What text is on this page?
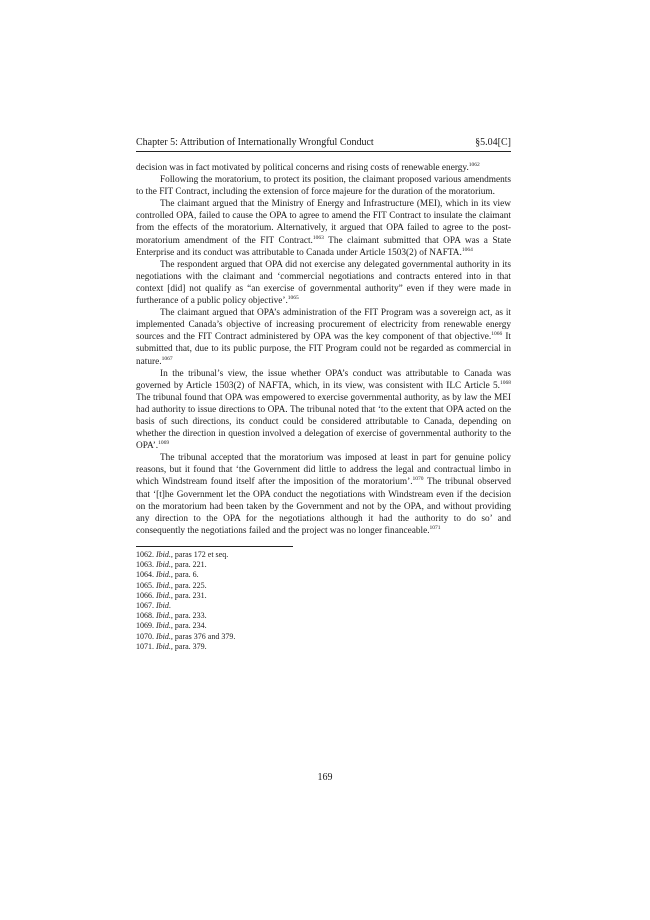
Chapter 5: Attribution of Internationally Wrongful Conduct	§5.04[C]

decision was in fact motivated by political concerns and rising costs of renewable energy.$^{1062}$

Following the moratorium, to protect its position, the claimant proposed various amendments to the FIT Contract, including the extension of force majeure for the duration of the moratorium.

The claimant argued that the Ministry of Energy and Infrastructure (MEI), which in its view controlled OPA, failed to cause the OPA to agree to amend the FIT Contract to insulate the claimant from the effects of the moratorium. Alternatively, it argued that OPA failed to agree to the post-moratorium amendment of the FIT Contract.$^{1063}$ The claimant submitted that OPA was a State Enterprise and its conduct was attributable to Canada under Article 1503(2) of NAFTA.$^{1064}$

The respondent argued that OPA did not exercise any delegated governmental authority in its negotiations with the claimant and ‘commercial negotiations and contracts entered into in that context [did] not qualify as “an exercise of governmental authority” even if they were made in furtherance of a public policy objective’.$^{1065}$

The claimant argued that OPA’s administration of the FIT Program was a sovereign act, as it implemented Canada’s objective of increasing procurement of electricity from renewable energy sources and the FIT Contract administered by OPA was the key component of that objective.$^{1066}$ It submitted that, due to its public purpose, the FIT Program could not be regarded as commercial in nature.$^{1067}$

In the tribunal’s view, the issue whether OPA’s conduct was attributable to Canada was governed by Article 1503(2) of NAFTA, which, in its view, was consistent with ILC Article 5.$^{1068}$ The tribunal found that OPA was empowered to exercise governmental authority, as by law the MEI had authority to issue directions to OPA. The tribunal noted that ‘to the extent that OPA acted on the basis of such directions, its conduct could be considered attributable to Canada, depending on whether the direction in question involved a delegation of exercise of governmental authority to the OPA’.$^{1069}$

The tribunal accepted that the moratorium was imposed at least in part for genuine policy reasons, but it found that ‘the Government did little to address the legal and contractual limbo in which Windstream found itself after the imposition of the moratorium’.$^{1070}$ The tribunal observed that ‘[t]he Government let the OPA conduct the negotiations with Windstream even if the decision on the moratorium had been taken by the Government and not by the OPA, and without providing any direction to the OPA for the negotiations although it had the authority to do so’ and consequently the negotiations failed and the project was no longer financeable.$^{1071}$

1062. Ibid., paras 172 et seq.
1063. Ibid., para. 221.
1064. Ibid., para. 6.
1065. Ibid., para. 225.
1066. Ibid., para. 231.
1067. Ibid.
1068. Ibid., para. 233.
1069. Ibid., para. 234.
1070. Ibid., paras 376 and 379.
1071. Ibid., para. 379.
169
